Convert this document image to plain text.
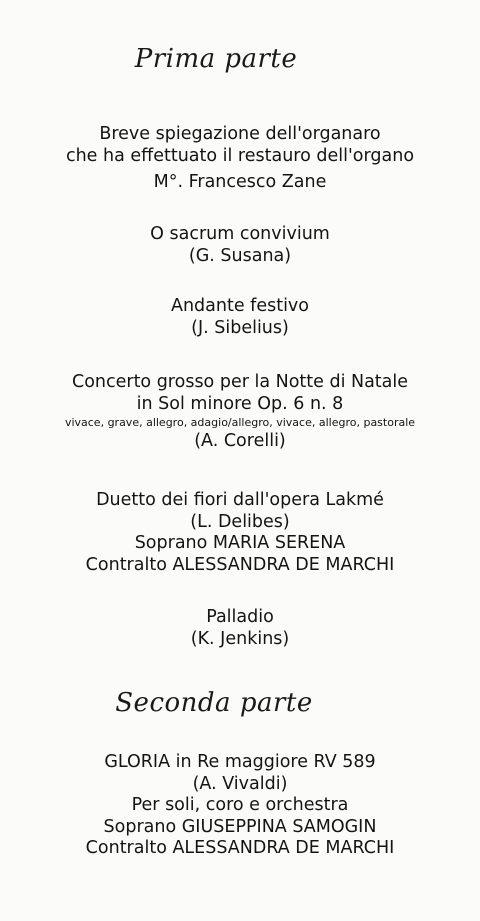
Prima parte
Breve spiegazione dell'organaro
che ha effettuato il restauro dell'organo
M°. Francesco Zane
O sacrum convivium
(G. Susana)
Andante festivo
(J. Sibelius)
Concerto grosso per la Notte di Natale
in Sol minore Op. 6 n. 8
vivace, grave, allegro, adagio/allegro, vivace, allegro, pastorale
(A. Corelli)
Duetto dei fiori dall'opera Lakmé
(L. Delibes)
Soprano MARIA SERENA
Contralto ALESSANDRA DE MARCHI
Palladio
(K. Jenkins)
Seconda parte
GLORIA in Re maggiore RV 589
(A. Vivaldi)
Per soli, coro e orchestra
Soprano GIUSEPPINA SAMOGIN
Contralto ALESSANDRA DE MARCHI
